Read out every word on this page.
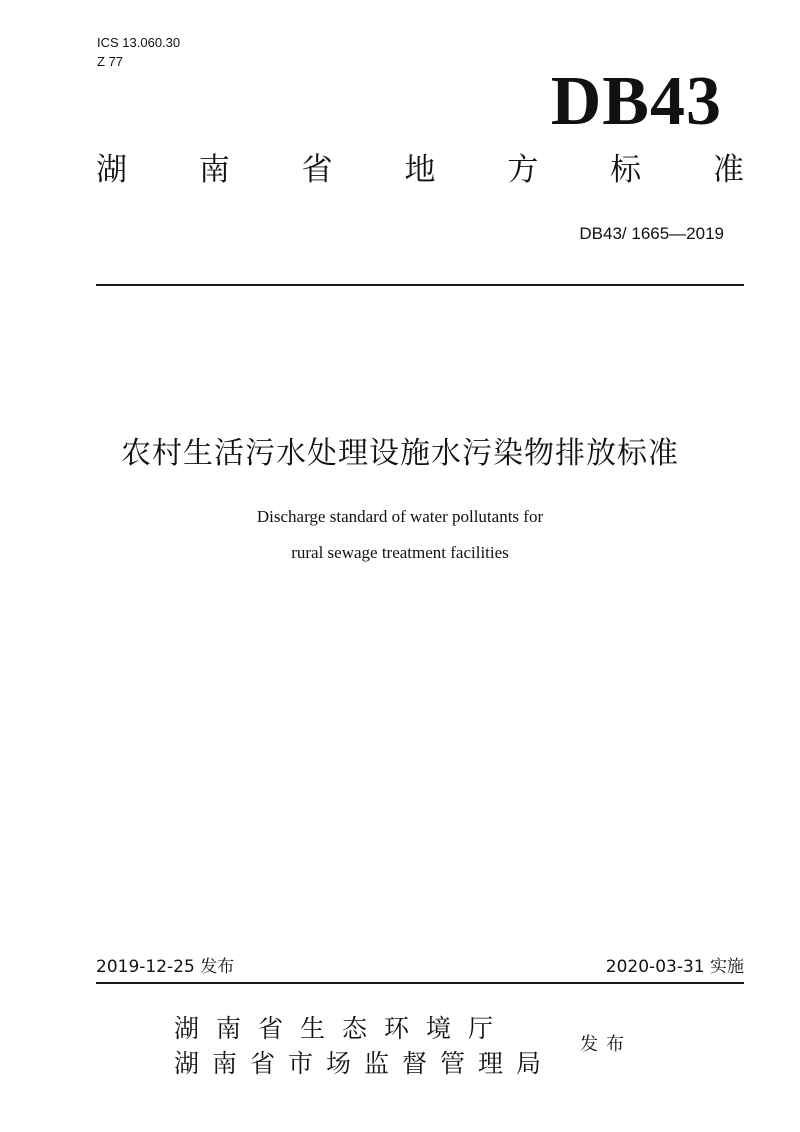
ICS 13.060.30
Z 77
DB43
湖 南 省 地 方 标 准
DB43/ 1665—2019
农村生活污水处理设施水污染物排放标准
Discharge standard of water pollutants for
rural sewage treatment facilities
2019-12-25 发布	2020-03-31 实施
湖南省生态环境厅
湖南省市场监督管理局
发布
